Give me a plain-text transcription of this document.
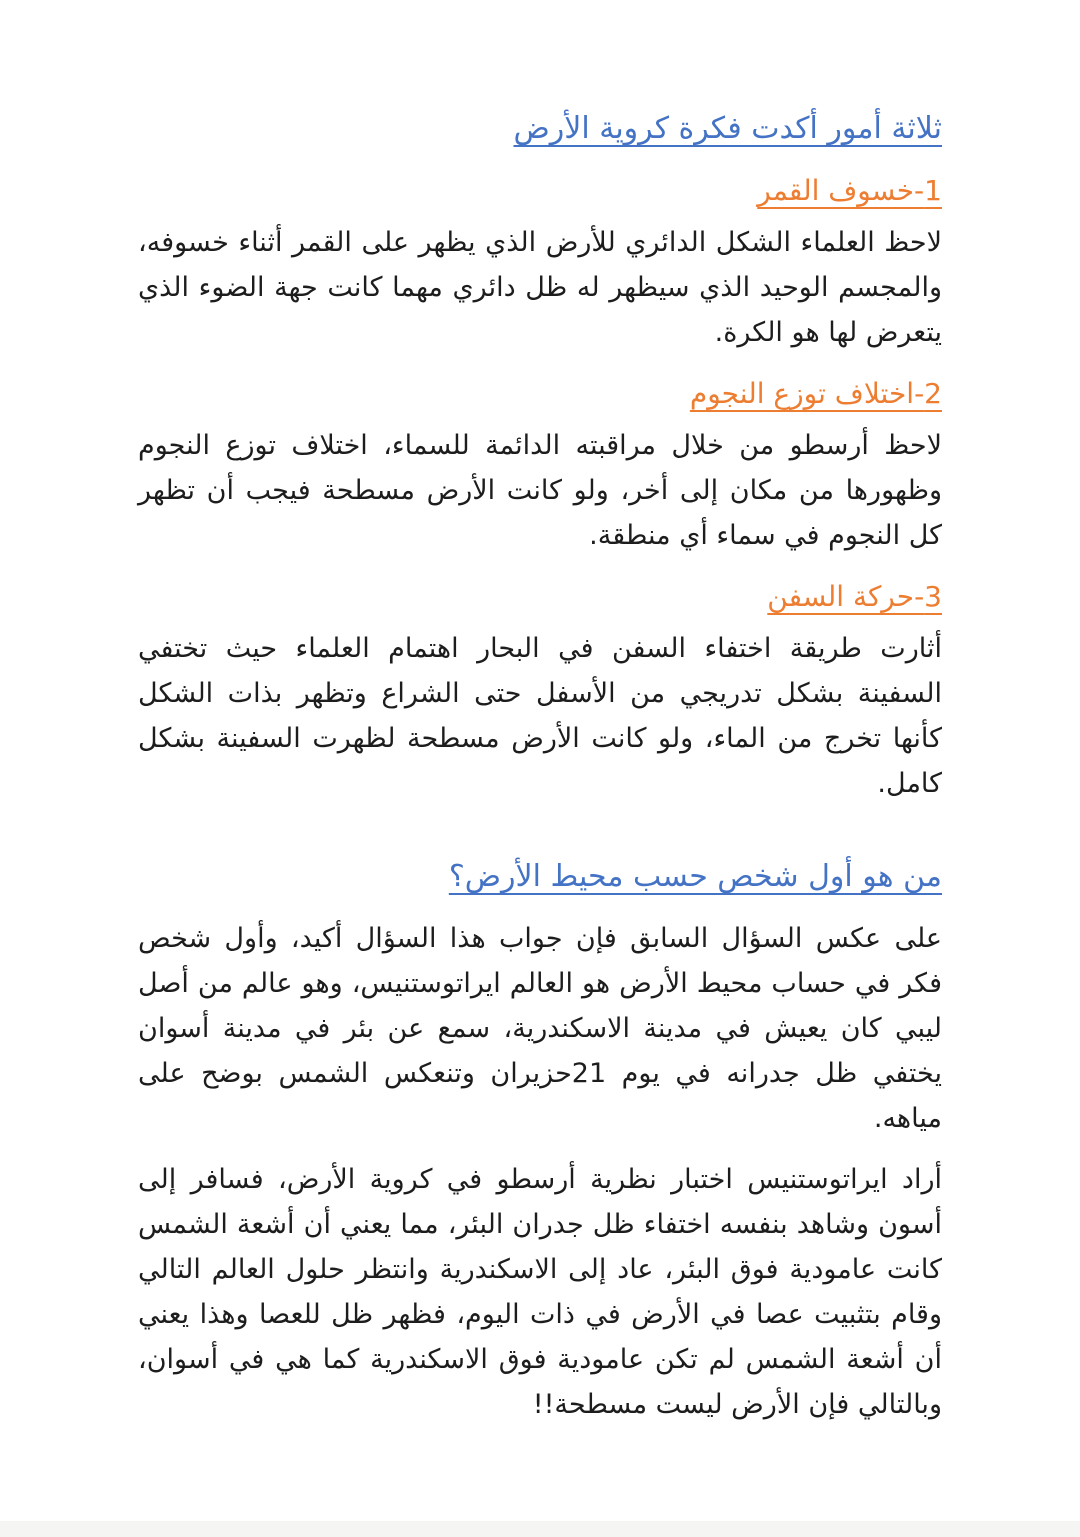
ثلاثة أمور أكدت فكرة كروية الأرض
1-خسوف القمر

لاحظ العلماء الشكل الدائري للأرض الذي يظهر على القمر أثناء خسوفه، والمجسم الوحيد الذي سيظهر له ظل دائري مهما كانت جهة الضوء الذي يتعرض لها هو الكرة.

2-اختلاف توزع النجوم

لاحظ أرسطو من خلال مراقبته الدائمة للسماء، اختلاف توزع النجوم وظهورها من مكان إلى أخر، ولو كانت الأرض مسطحة فيجب أن تظهر كل النجوم في سماء أي منطقة.

3-حركة السفن

أثارت طريقة اختفاء السفن في البحار اهتمام العلماء حيث تختفي السفينة بشكل تدريجي من الأسفل حتى الشراع وتظهر بذات الشكل كأنها تخرج من الماء، ولو كانت الأرض مسطحة لظهرت السفينة بشكل كامل.

من هو أول شخص حسب محيط الأرض؟

على عكس السؤال السابق فإن جواب هذا السؤال أكيد، وأول شخص فكر في حساب محيط الأرض هو العالم ايراتوستنيس، وهو عالم من أصل ليبي كان يعيش في مدينة الاسكندرية، سمع عن بئر في مدينة أسوان يختفي ظل جدرانه في يوم 21حزيران وتنعكس الشمس بوضح على مياهه.

أراد ايراتوستنيس اختبار نظرية أرسطو في كروية الأرض، فسافر إلى أسون وشاهد بنفسه اختفاء ظل جدران البئر، مما يعني أن أشعة الشمس كانت عامودية فوق البئر، عاد إلى الاسكندرية وانتظر حلول العالم التالي وقام بتثبيت عصا في الأرض في ذات اليوم، فظهر ظل للعصا وهذا يعني أن أشعة الشمس لم تكن عامودية فوق الاسكندرية كما هي في أسوان، وبالتالي فإن الأرض ليست مسطحة!!
